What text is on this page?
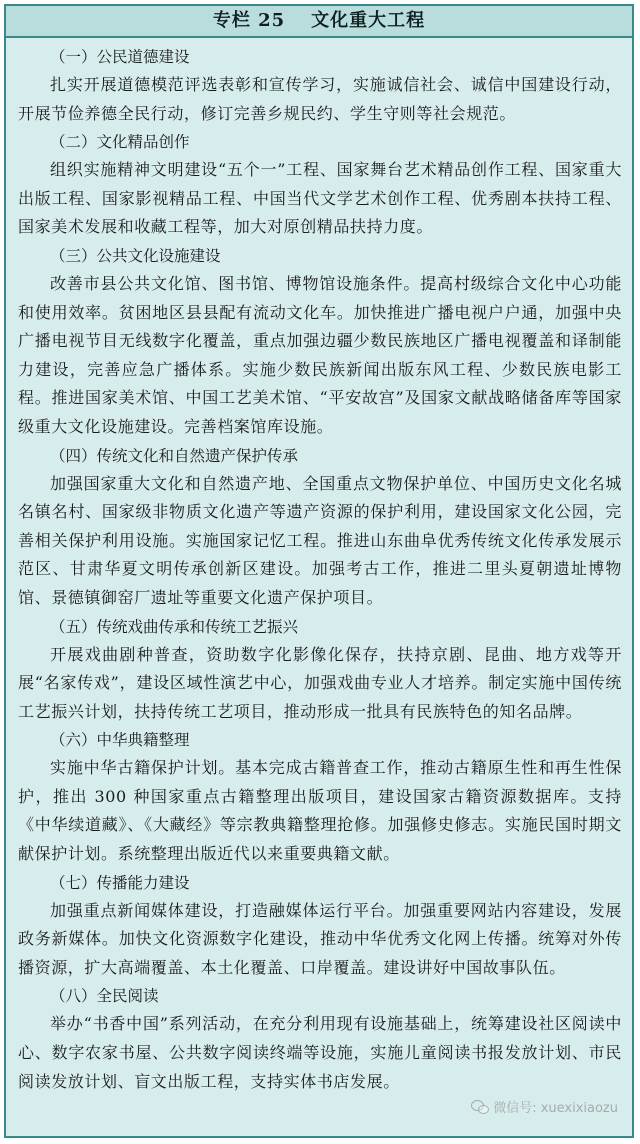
专栏 25 文化重大工程
（一）公民道德建设

扎实开展道德模范评选表彰和宣传学习，实施诚信社会、诚信中国建设行动，开展节俭养德全民行动，修订完善乡规民约、学生守则等社会规范。

（二）文化精品创作

组织实施精神文明建设“五个一”工程、国家舞台艺术精品创作工程、国家重大出版工程、国家影视精品工程、中国当代文学艺术创作工程、优秀剧本扶持工程、国家美术发展和收藏工程等，加大对原创精品扶持力度。

（三）公共文化设施建设

改善市县公共文化馆、图书馆、博物馆设施条件。提高村级综合文化中心功能和使用效率。贫困地区县县配有流动文化车。加快推进广播电视户户通，加强中央广播电视节目无线数字化覆盖，重点加强边疆少数民族地区广播电视覆盖和译制能力建设，完善应急广播体系。实施少数民族新闻出版东风工程、少数民族电影工程。推进国家美术馆、中国工艺美术馆、“平安故宫”及国家文献战略储备库等国家级重大文化设施建设。完善档案馆库设施。

（四）传统文化和自然遗产保护传承

加强国家重大文化和自然遗产地、全国重点文物保护单位、中国历史文化名城名镇名村、国家级非物质文化遗产等遗产资源的保护利用，建设国家文化公园，完善相关保护利用设施。实施国家记忆工程。推进山东曲阜优秀传统文化传承发展示范区、甘肃华夏文明传承创新区建设。加强考古工作，推进二里头夏朝遗址博物馆、景德镇御窑厂遗址等重要文化遗产保护项目。

（五）传统戏曲传承和传统工艺振兴

开展戏曲剧种普查，资助数字化影像化保存，扶持京剧、昆曲、地方戏等开展“名家传戏”，建设区域性演艺中心，加强戏曲专业人才培养。制定实施中国传统工艺振兴计划，扶持传统工艺项目，推动形成一批具有民族特色的知名品牌。

（六）中华典籍整理

实施中华古籍保护计划。基本完成古籍普查工作，推动古籍原生性和再生性保护，推出 300 种国家重点古籍整理出版项目，建设国家古籍资源数据库。支持《中华续道藏》、《大藏经》等宗教典籍整理抢修。加强修史修志。实施民国时期文献保护计划。系统整理出版近代以来重要典籍文献。

（七）传播能力建设

加强重点新闻媒体建设，打造融媒体运行平台。加强重要网站内容建设，发展政务新媒体。加快文化资源数字化建设，推动中华优秀文化网上传播。统筹对外传播资源，扩大高端覆盖、本土化覆盖、口岸覆盖。建设讲好中国故事队伍。

（八）全民阅读

举办“书香中国”系列活动，在充分利用现有设施基础上，统筹建设社区阅读中心、数字农家书屋、公共数字阅读终端等设施，实施儿童阅读书报发放计划、市民阅读发放计划、盲文出版工程，支持实体书店发展。

微信号: xuexixiaozu
